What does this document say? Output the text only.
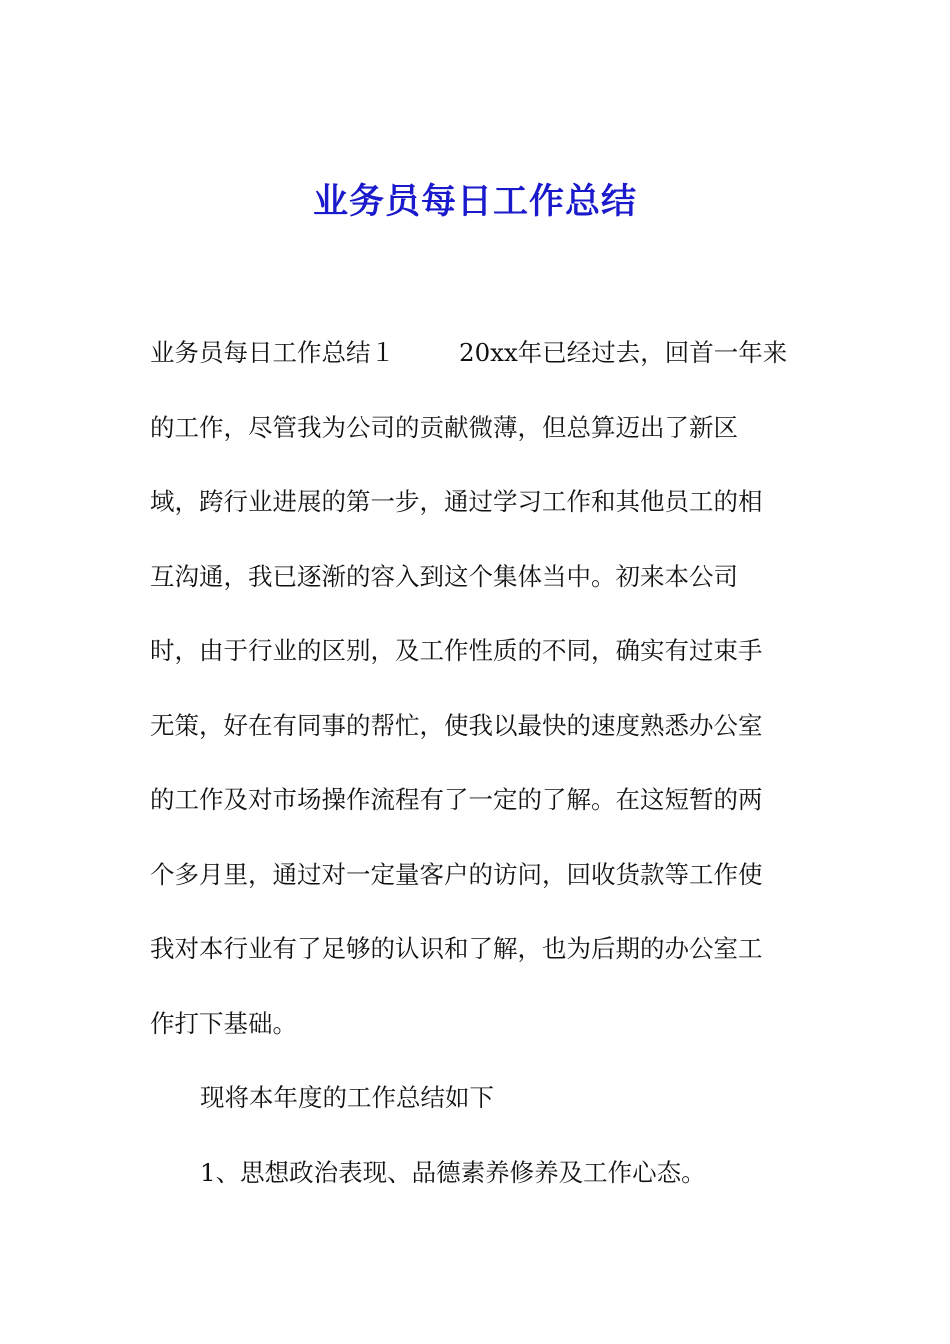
业务员每日工作总结
业务员每日工作总结１	20xx年已经过去，回首一年来
的工作，尽管我为公司的贡献微薄，但总算迈出了新区
域，跨行业进展的第一步，通过学习工作和其他员工的相
互沟通，我已逐渐的容入到这个集体当中。初来本公司
时，由于行业的区别，及工作性质的不同，确实有过束手
无策，好在有同事的帮忙，使我以最快的速度熟悉办公室
的工作及对市场操作流程有了一定的了解。在这短暂的两
个多月里，通过对一定量客户的访问，回收货款等工作使
我对本行业有了足够的认识和了解，也为后期的办公室工
作打下基础。
现将本年度的工作总结如下
1、思想政治表现、品德素养修养及工作心态。
